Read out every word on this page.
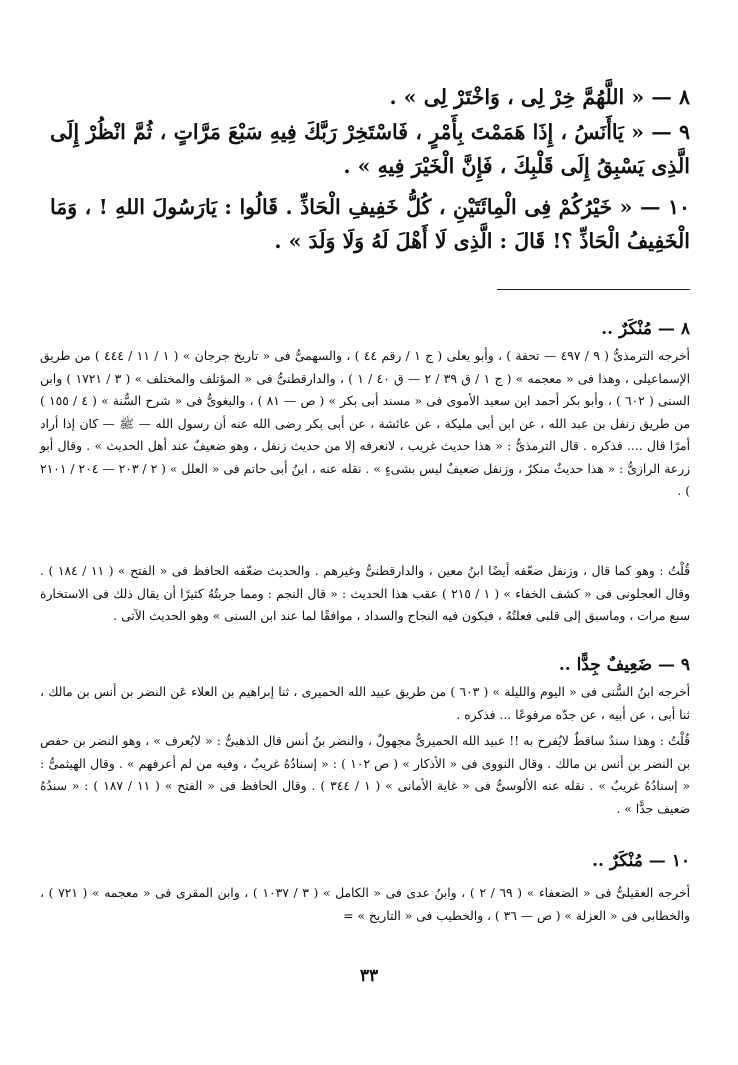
٨ — « اللَّهُمَّ خِرْ لِى ، وَاخْتَرْ لِى » .
٩ — « يَاأَنَسُ ، إِذَا هَمَمْتَ بِأَمْرٍ ، فَاسْتَخِرْ رَبَّكَ فِيهِ سَبْعَ مَرَّاتٍ ، ثُمَّ انْظُرْ إِلَى الَّذِى يَسْبِقُ إِلَى قَلْبِكَ ، فَإِنَّ الْخَيْرَ فِيهِ » .
١٠ — « خَيْرُكُمْ فِى الْمِائَتَيْنِ ، كُلُّ خَفِيفِ الْحَاذِّ . قَالُوا : يَارَسُولَ اللهِ ! ، وَمَا الْخَفِيفُ الْحَاذِّ ؟! قَالَ : الَّذِى لَا أَهْلَ لَهُ وَلَا وَلَدَ » .
٨ — مُنْكَرٌ ..
أخرجه الترمذىُّ ( ٩ / ٤٩٧ — تحفة ) ، وأبو يعلى ( ج ١ / رقم ٤٤ ) ، والسهمىُّ فى « تاريخ جرجان » ( ١ / ١١ / ٤٤٤ ) من طريق الإسماعيلى ، وهذا فى « معجمه » ( ج ١ / ق ٣٩ / ٢ — ق ٤٠ / ١ ) ، والدارقطنىُّ فى « المؤتلف والمختلف » ( ٣ / ١٧٢١ ) وابن السنى ( ٦٠٢ ) ، وأبو بكر أحمد ابن سعيد الأموى فى « مسند أبى بكر » ( ص — ٨١ ) ، والبغوىُّ فى « شرح السُّنة » ( ٤ / ١٥٥ ) من طريق زنفل بن عبد الله ، عن ابن أبى مليكة ، عن عائشة ، عن أبى بكر رضى الله عنه أن رسول الله — ﷺ — كان إذا أراد أمرًا قال .... فذكره . قال الترمذىُّ : « هذا حديث غريب ، لانعرفه إلا من حديث زنفل ، وهو ضعيفٌ عند أهل الحديث » . وقال أبو زرعة الرازىُّ : « هذا حديثٌ منكرٌ ، وزنفل ضعيفٌ ليس بشىءٍ » . نقله عنه ، ابنُ أبى حاتم فى « العلل » ( ٢ / ٢٠٣ — ٢٠٤ / ٢١٠١ ) .
قُلْتُ : وهو كما قال ، وزنفل ضعّفه أيضًا ابنُ معين ، والدارقطنىُّ وغيرهم . والحديث ضعّفه الحافظ فى « الفتح » ( ١١ / ١٨٤ ) . وقال العجلونى فى « كشف الخفاء » ( ١ / ٢١٥ ) عقب هذا الحديث : « قال النجم : ومما جربتُهُ كثيرًا أن يقال ذلك فى الاستخارة سبع مرات ، وماسبق إلى قلبى فعلتُهُ ، فيكون فيه النجاح والسداد ، موافقًا لما عند ابن السنى » وهو الحديث الآتى .
٩ — ضَعِيفٌ جِدًّا ..
أخرجه ابنُ السُّنى فى « اليوم والليلة » ( ٦٠٣ ) من طريق عبيد الله الحميرى ، ثنا إبراهيم بن العلاء عَن النضر بن أنس بن مالك ، ثنا أبى ، عن أبيه ، عن جدّه مرفوعًا ... فذكره .
قُلْتُ : وهذا سندٌ ساقطٌ لايُفرح به !! عبيد الله الحميرىُّ مجهولٌ ، والنضر بنُ أنس قال الذهبىُّ : « لايُعرف » ، وهو النضر بن حفص بن النضر بن أنس بن مالك . وقال النووى فى « الأذكار » ( ص ١٠٢ ) : « إسنادُهُ غريبٌ ، وفيه من لم أعرفهم » . وقال الهيثمىُّ : « إسنادُهُ غريبٌ » . نقله عنه الألوسىُّ فى « غاية الأمانى » ( ١ / ٣٤٤ ) . وقال الحافظ فى « الفتح » ( ١١ / ١٨٧ ) : « سندُهُ ضعيف جدًّا » .
١٠ — مُنْكَرٌ ..
أخرجه العقيلىُّ فى « الضعفاء » ( ٦٩ / ٢ ) ، وابنُ عدى فى « الكامل » ( ٣ / ١٠٣٧ ) ، وابن المقرى فى « معجمه » ( ٧٢١ ) ، والخطابى فى « العزلة » ( ص — ٣٦ ) ، والخطيب فى « التاريخ » =
٣٣
